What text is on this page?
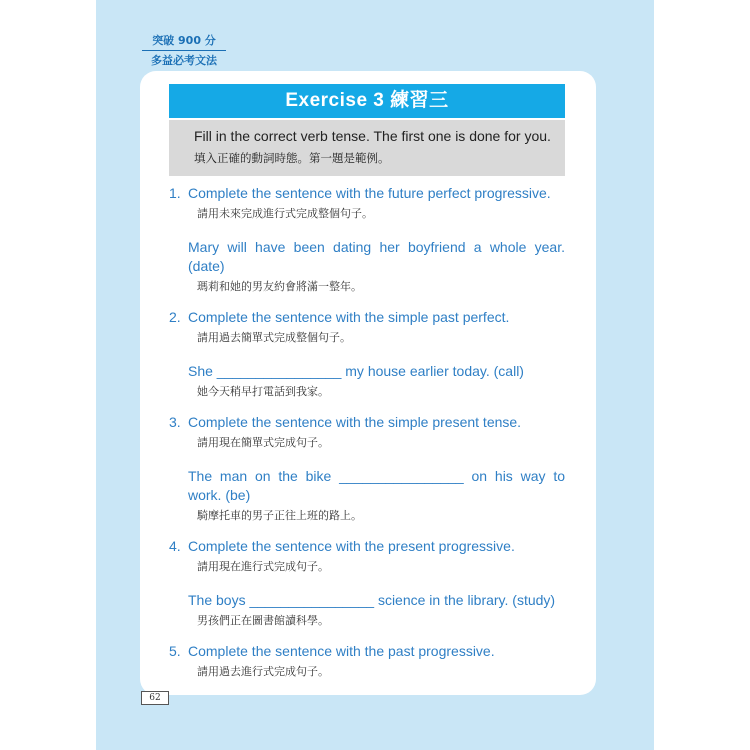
突破 900 分
多益必考文法
Exercise 3 練習三
Fill in the correct verb tense. The first one is done for you.
填入正確的動詞時態。第一題是範例。
1. Complete the sentence with the future perfect progressive.
請用未來完成進行式完成整個句子。
Mary will have been dating her boyfriend a whole year. (date)
瑪莉和她的男友約會將滿一整年。
2. Complete the sentence with the simple past perfect.
請用過去簡單式完成整個句子。
She ________________ my house earlier today. (call)
她今天稍早打電話到我家。
3. Complete the sentence with the simple present tense.
請用現在簡單式完成句子。
The man on the bike ________________ on his way to work. (be)
騎摩托車的男子正往上班的路上。
4. Complete the sentence with the present progressive.
請用現在進行式完成句子。
The boys ________________ science in the library. (study)
男孩們正在圖書館讀科學。
5. Complete the sentence with the past progressive.
請用過去進行式完成句子。
62
